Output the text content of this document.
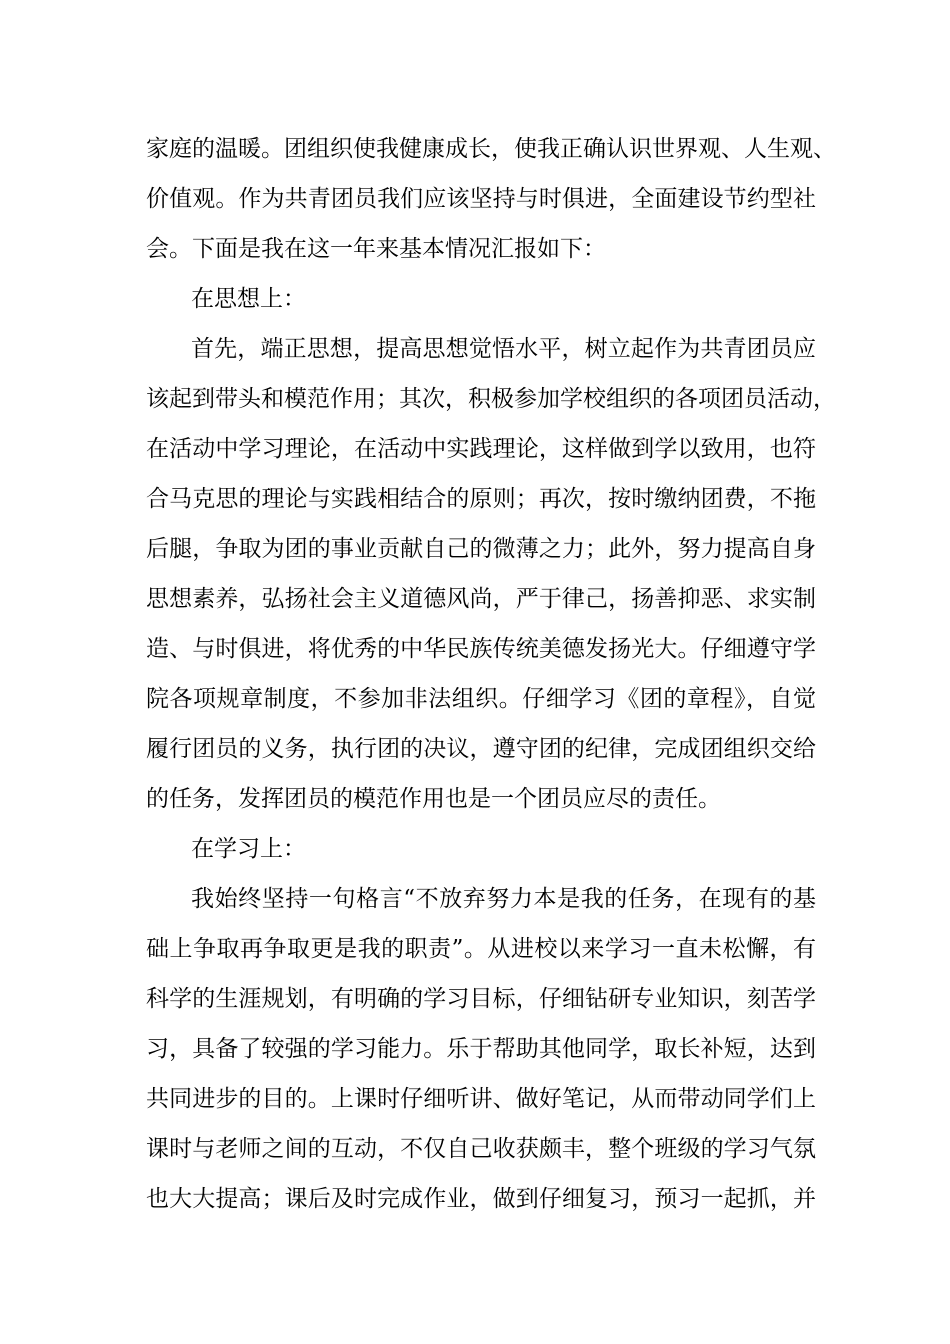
家庭的温暖。团组织使我健康成长，使我正确认识世界观、人生观、
价值观。作为共青团员我们应该坚持与时俱进，全面建设节约型社
会。下面是我在这一年来基本情况汇报如下：
在思想上：
首先，端正思想，提高思想觉悟水平，树立起作为共青团员应
该起到带头和模范作用；其次，积极参加学校组织的各项团员活动，
在活动中学习理论，在活动中实践理论，这样做到学以致用，也符
合马克思的理论与实践相结合的原则；再次，按时缴纳团费，不拖
后腿，争取为团的事业贡献自己的微薄之力；此外，努力提高自身
思想素养，弘扬社会主义道德风尚，严于律己，扬善抑恶、求实制
造、与时俱进，将优秀的中华民族传统美德发扬光大。仔细遵守学
院各项规章制度，不参加非法组织。仔细学习《团的章程》，自觉
履行团员的义务，执行团的决议，遵守团的纪律，完成团组织交给
的任务，发挥团员的模范作用也是一个团员应尽的责任。
在学习上：
我始终坚持一句格言“不放弃努力本是我的任务，在现有的基
础上争取再争取更是我的职责”。从进校以来学习一直未松懈，有
科学的生涯规划，有明确的学习目标，仔细钻研专业知识，刻苦学
习，具备了较强的学习能力。乐于帮助其他同学，取长补短，达到
共同进步的目的。上课时仔细听讲、做好笔记，从而带动同学们上
课时与老师之间的互动，不仅自己收获颇丰，整个班级的学习气氛
也大大提高；课后及时完成作业，做到仔细复习，预习一起抓，并
